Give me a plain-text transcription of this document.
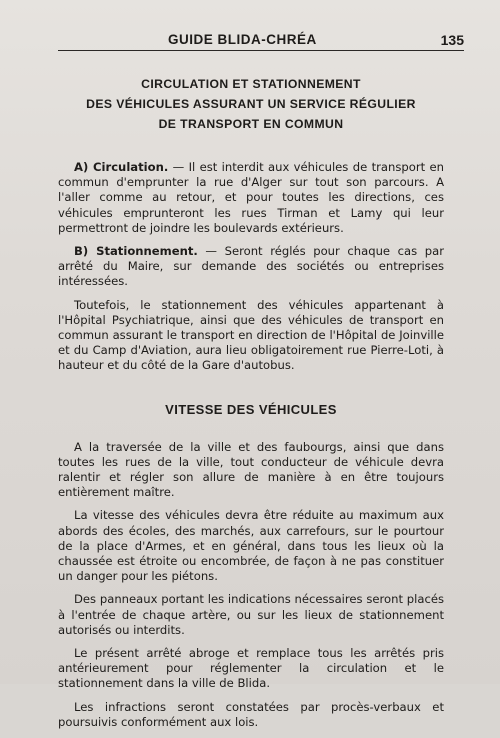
GUIDE BLIDA-CHRÉA	135
CIRCULATION ET STATIONNEMENT
DES VÉHICULES ASSURANT UN SERVICE RÉGULIER
DE TRANSPORT EN COMMUN

A) Circulation. — Il est interdit aux véhicules de transport en commun d'emprunter la rue d'Alger sur tout son parcours. A l'aller comme au retour, et pour toutes les directions, ces véhicules emprunteront les rues Tirman et Lamy qui leur permettront de joindre les boulevards extérieurs.

B) Stationnement. — Seront réglés pour chaque cas par arrêté du Maire, sur demande des sociétés ou entreprises intéressées.

Toutefois, le stationnement des véhicules appartenant à l'Hôpital Psychiatrique, ainsi que des véhicules de transport en commun assurant le transport en direction de l'Hôpital de Joinville et du Camp d'Aviation, aura lieu obligatoirement rue Pierre-Loti, à hauteur et du côté de la Gare d'autobus.

VITESSE DES VÉHICULES

A la traversée de la ville et des faubourgs, ainsi que dans toutes les rues de la ville, tout conducteur de véhicule devra ralentir et régler son allure de manière à en être toujours entièrement maître.

La vitesse des véhicules devra être réduite au maximum aux abords des écoles, des marchés, aux carrefours, sur le pourtour de la place d'Armes, et en général, dans tous les lieux où la chaussée est étroite ou encombrée, de façon à ne pas constituer un danger pour les piétons.

Des panneaux portant les indications nécessaires seront placés à l'entrée de chaque artère, ou sur les lieux de stationnement autorisés ou interdits.

Le présent arrêté abroge et remplace tous les arrêtés pris antérieurement pour réglementer la circulation et le stationnement dans la ville de Blida.

Les infractions seront constatées par procès-verbaux et poursuivis conformément aux lois.
